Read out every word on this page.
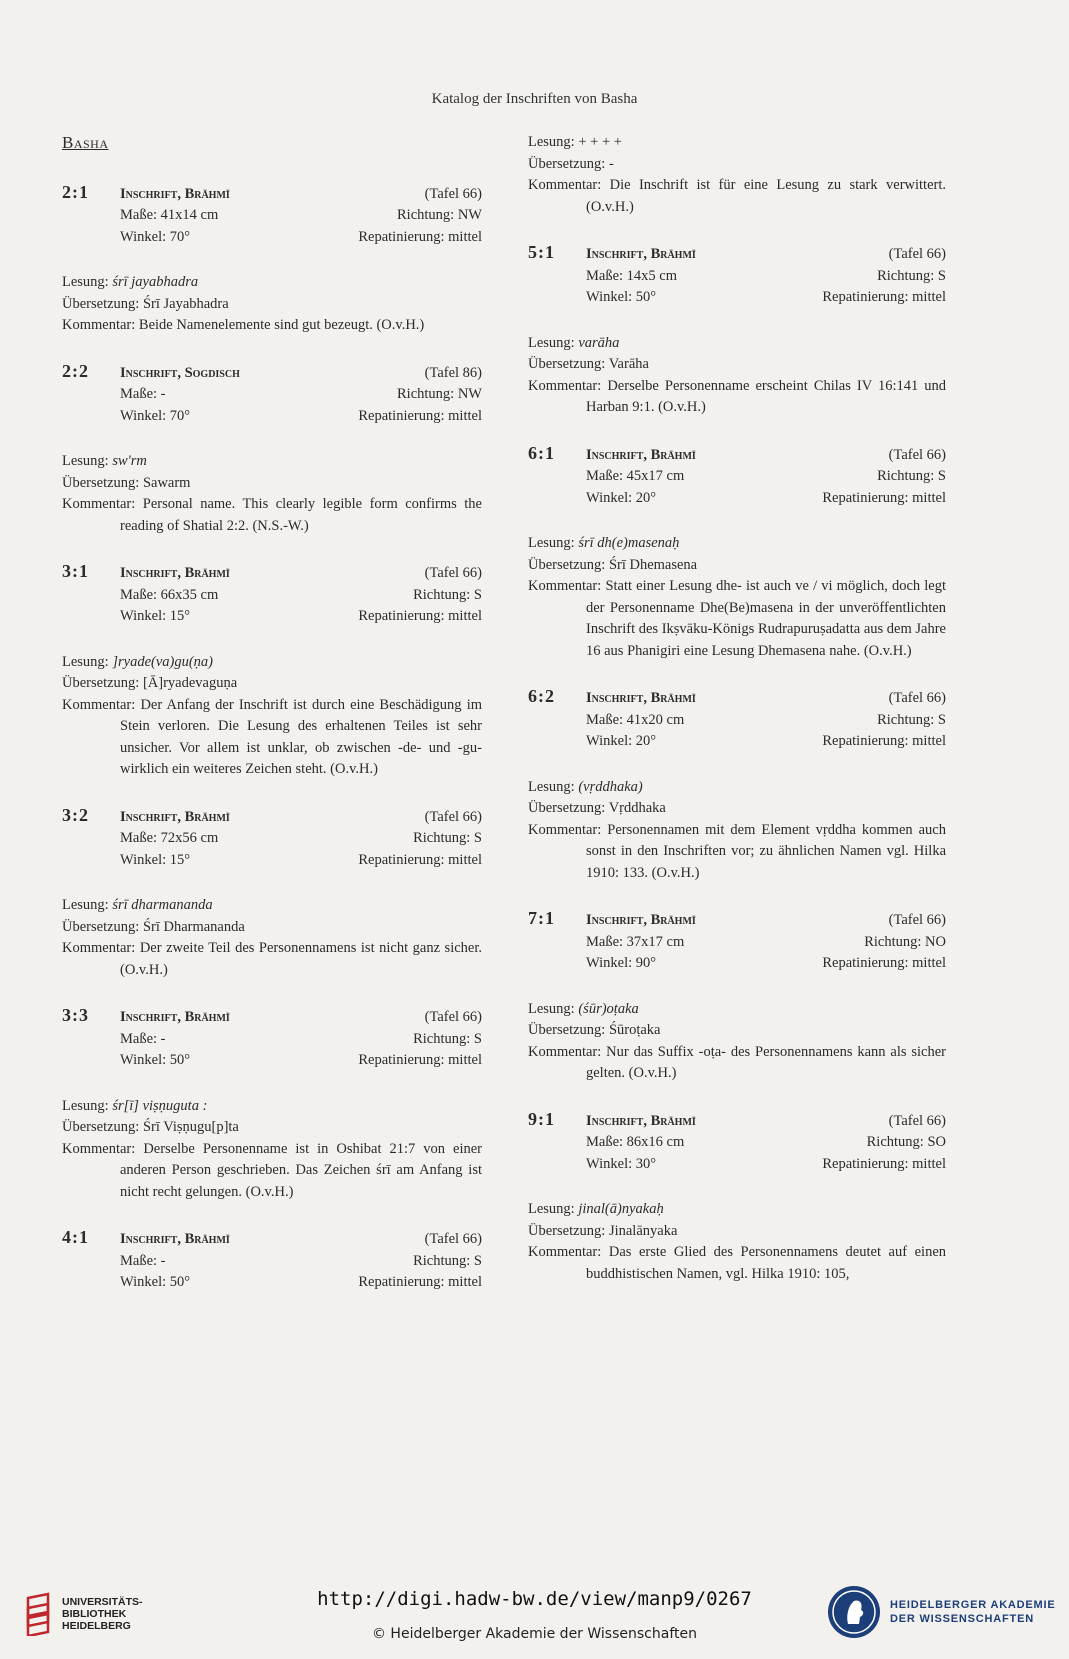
Katalog der Inschriften von Basha
Basha
2:1	Inschrift, Brāhmī	(Tafel 66)
Maße: 41x14 cm	Richtung: NW
Winkel: 70°	Repatinierung: mittel
Lesung: śrī jayabhadra
Übersetzung: Śrī Jayabhadra
Kommentar: Beide Namenelemente sind gut bezeugt. (O.v.H.)
2:2	Inschrift, Sogdisch	(Tafel 86)
Maße: -	Richtung: NW
Winkel: 70°	Repatinierung: mittel
Lesung: sw'rm
Übersetzung: Sawarm
Kommentar: Personal name. This clearly legible form confirms the reading of Shatial 2:2. (N.S.-W.)
3:1	Inschrift, Brāhmī	(Tafel 66)
Maße: 66x35 cm	Richtung: S
Winkel: 15°	Repatinierung: mittel
Lesung: ]ryade(va)gu(ṇa)
Übersetzung: [Ā]ryadevaguṇa
Kommentar: Der Anfang der Inschrift ist durch eine Beschädigung im Stein verloren. Die Lesung des erhaltenen Teiles ist sehr unsicher. Vor allem ist unklar, ob zwischen -de- und -gu- wirklich ein weiteres Zeichen steht. (O.v.H.)
3:2	Inschrift, Brāhmī	(Tafel 66)
Maße: 72x56 cm	Richtung: S
Winkel: 15°	Repatinierung: mittel
Lesung: śrī dharmananda
Übersetzung: Śrī Dharmananda
Kommentar: Der zweite Teil des Personennamens ist nicht ganz sicher. (O.v.H.)
3:3	Inschrift, Brāhmī	(Tafel 66)
Maße: -	Richtung: S
Winkel: 50°	Repatinierung: mittel
Lesung: śr[ī] viṣṇuguta :
Übersetzung: Śrī Viṣṇugu[p]ta
Kommentar: Derselbe Personenname ist in Oshibat 21:7 von einer anderen Person geschrieben. Das Zeichen śrī am Anfang ist nicht recht gelungen. (O.v.H.)
4:1	Inschrift, Brāhmī	(Tafel 66)
Maße: -	Richtung: S
Winkel: 50°	Repatinierung: mittel
Lesung: + + + +
Übersetzung: -
Kommentar: Die Inschrift ist für eine Lesung zu stark verwittert. (O.v.H.)
5:1	Inschrift, Brāhmī	(Tafel 66)
Maße: 14x5 cm	Richtung: S
Winkel: 50°	Repatinierung: mittel
Lesung: varāha
Übersetzung: Varāha
Kommentar: Derselbe Personenname erscheint Chilas IV 16:141 und Harban 9:1. (O.v.H.)
6:1	Inschrift, Brāhmī	(Tafel 66)
Maße: 45x17 cm	Richtung: S
Winkel: 20°	Repatinierung: mittel
Lesung: śrī dh(e)masenaḥ
Übersetzung: Śrī Dhemasena
Kommentar: Statt einer Lesung dhe- ist auch ve / vi möglich, doch legt der Personenname Dhe(Be)masena in der unveröffentlichten Inschrift des Ikṣvāku-Königs Rudrapuruṣadatta aus dem Jahre 16 aus Phanigiri eine Lesung Dhemasena nahe. (O.v.H.)
6:2	Inschrift, Brāhmī	(Tafel 66)
Maße: 41x20 cm	Richtung: S
Winkel: 20°	Repatinierung: mittel
Lesung: (vṛddhaka)
Übersetzung: Vṛddhaka
Kommentar: Personennamen mit dem Element vṛddha kommen auch sonst in den Inschriften vor; zu ähnlichen Namen vgl. Hilka 1910: 133. (O.v.H.)
7:1	Inschrift, Brāhmī	(Tafel 66)
Maße: 37x17 cm	Richtung: NO
Winkel: 90°	Repatinierung: mittel
Lesung: (śūr)oṭaka
Übersetzung: Śūroṭaka
Kommentar: Nur das Suffix -oṭa- des Personennamens kann als sicher gelten. (O.v.H.)
9:1	Inschrift, Brāhmī	(Tafel 66)
Maße: 86x16 cm	Richtung: SO
Winkel: 30°	Repatinierung: mittel
Lesung: jinal(ā)nyakaḥ
Übersetzung: Jinalānyaka
Kommentar: Das erste Glied des Personennamens deutet auf einen buddhistischen Namen, vgl. Hilka 1910: 105,
UNIVERSITÄTS-
BIBLIOTHEK
HEIDELBERG
http://digi.hadw-bw.de/view/manp9/0267
© Heidelberger Akademie der Wissenschaften
HEIDELBERGER AKADEMIE
DER WISSENSCHAFTEN
